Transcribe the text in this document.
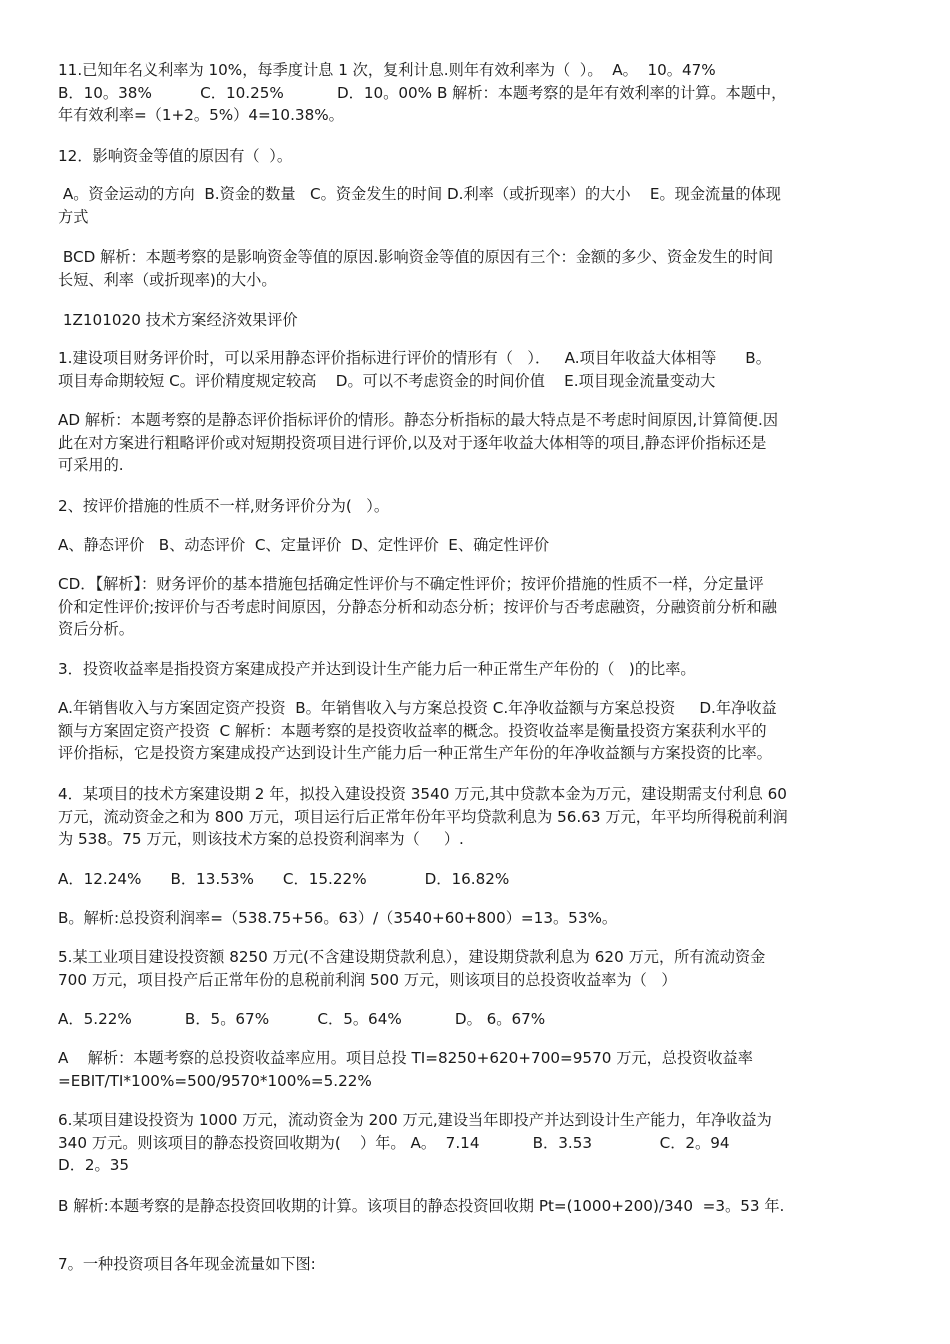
11.已知年名义利率为 10%，每季度计息 1 次，复利计息.则年有效利率为（  ）。  A。  10。47%
B．10。38%          C．10.25%           D．10。00% B 解析：本题考察的是年有效利率的计算。本题中，
年有效利率=（1+2。5%）4=10.38%。

12．影响资金等值的原因有（  ）。

A。资金运动的方向  B.资金的数量   C。资金发生的时间 D.利率（或折现率）的大小    E。现金流量的体现
方式

BCD 解析：本题考察的是影响资金等值的原因.影响资金等值的原因有三个：金额的多少、资金发生的时间
长短、利率（或折现率)的大小。

1Z101020 技术方案经济效果评价

1.建设项目财务评价时，可以采用静态评价指标进行评价的情形有（   ）．   A.项目年收益大体相等      B。
项目寿命期较短 C。评价精度规定较高    D。可以不考虑资金的时间价值    E.项目现金流量变动大

AD 解析：本题考察的是静态评价指标评价的情形。静态分析指标的最大特点是不考虑时间原因,计算简便.因
此在对方案进行粗略评价或对短期投资项目进行评价,以及对于逐年收益大体相等的项目,静态评价指标还是
可采用的.

2、按评价措施的性质不一样,财务评价分为(   ）。

A、静态评价   B、动态评价  C、定量评价  D、定性评价  E、确定性评价

CD．【解析】：财务评价的基本措施包括确定性评价与不确定性评价；按评价措施的性质不一样，分定量评
价和定性评价;按评价与否考虑时间原因，分静态分析和动态分析；按评价与否考虑融资，分融资前分析和融
资后分析。

3．投资收益率是指投资方案建成投产并达到设计生产能力后一种正常生产年份的（   )的比率。

A.年销售收入与方案固定资产投资  B。年销售收入与方案总投资 C.年净收益额与方案总投资     D.年净收益
额与方案固定资产投资  C 解析：本题考察的是投资收益率的概念。投资收益率是衡量投资方案获利水平的
评价指标，它是投资方案建成投产达到设计生产能力后一种正常生产年份的年净收益额与方案投资的比率。

4．某项目的技术方案建设期 2 年，拟投入建设投资 3540 万元,其中贷款本金为万元，建设期需支付利息 60
万元，流动资金之和为 800 万元，项目运行后正常年份年平均贷款利息为 56.63 万元，年平均所得税前利润
为 538。75 万元，则该技术方案的总投资利润率为（     ）.

A．12.24%      B．13.53%      C．15.22%            D．16.82%

B。解析:总投资利润率=（538.75+56。63）/（3540+60+800）=13。53%。

5.某工业项目建设投资额 8250 万元(不含建设期贷款利息），建设期贷款利息为 620 万元，所有流动资金
700 万元，项目投产后正常年份的息税前利润 500 万元，则该项目的总投资收益率为（   ）

A．5.22%           B．5。67%          C．5。64%           D。 6。67%

A    解析：本题考察的总投资收益率应用。项目总投 TI=8250+620+700=9570 万元，总投资收益率
=EBIT/TI*100%=500/9570*100%=5.22%

6.某项目建设投资为 1000 万元，流动资金为 200 万元,建设当年即投产并达到设计生产能力，年净收益为
340 万元。则该项目的静态投资回收期为(    ）年。 A。  7.14           B．3.53              C．2。94
D．2。35

B 解析:本题考察的是静态投资回收期的计算。该项目的静态投资回收期 Pt=(1000+200)/340  =3。53 年.

7。一种投资项目各年现金流量如下图:
